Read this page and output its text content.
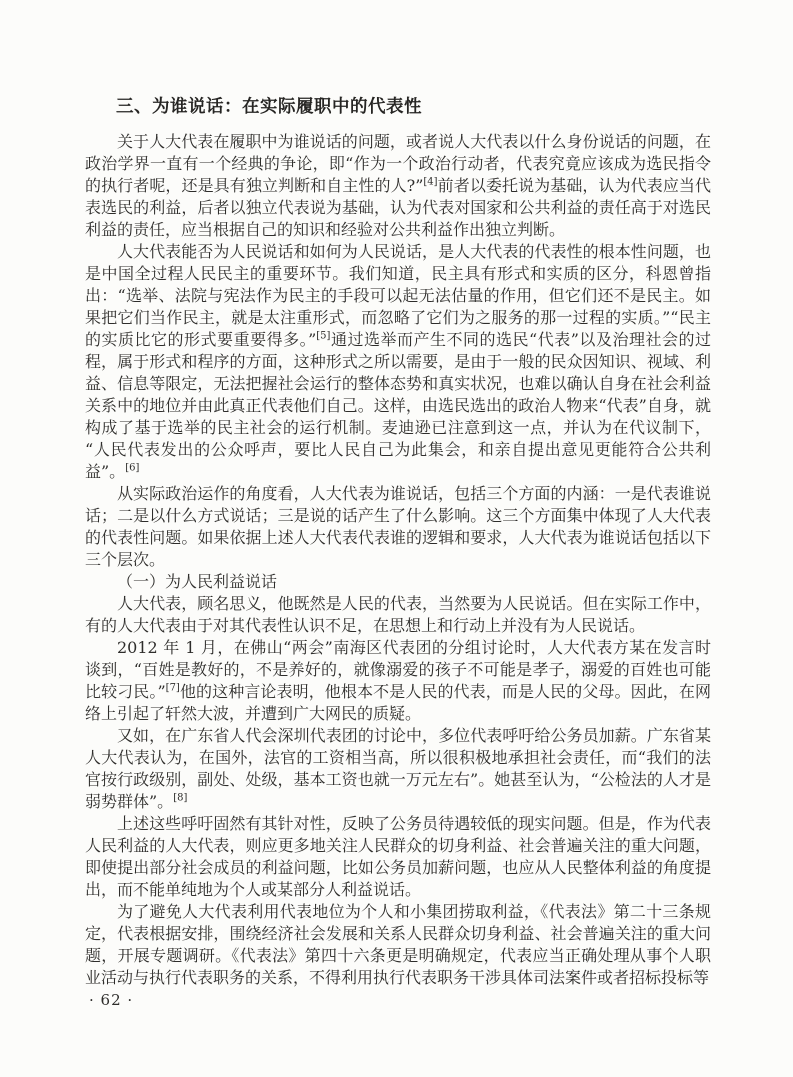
三、为谁说话：在实际履职中的代表性

关于人大代表在履职中为谁说话的问题，或者说人大代表以什么身份说话的问题，在政治学界一直有一个经典的争论，即“作为一个政治行动者，代表究竟应该成为选民指令的执行者呢，还是具有独立判断和自主性的人?”[4]前者以委托说为基础，认为代表应当代表选民的利益，后者以独立代表说为基础，认为代表对国家和公共利益的责任高于对选民利益的责任，应当根据自己的知识和经验对公共利益作出独立判断。

人大代表能否为人民说话和如何为人民说话，是人大代表的代表性的根本性问题，也是中国全过程人民民主的重要环节。我们知道，民主具有形式和实质的区分，科恩曾指出：“选举、法院与宪法作为民主的手段可以起无法估量的作用，但它们还不是民主。如果把它们当作民主，就是太注重形式，而忽略了它们为之服务的那一过程的实质。”“民主的实质比它的形式要重要得多。”[5]通过选举而产生不同的选民“代表”以及治理社会的过程，属于形式和程序的方面，这种形式之所以需要，是由于一般的民众因知识、视域、利益、信息等限定，无法把握社会运行的整体态势和真实状况，也难以确认自身在社会利益关系中的地位并由此真正代表他们自己。这样，由选民选出的政治人物来“代表”自身，就构成了基于选举的民主社会的运行机制。麦迪逊已注意到这一点，并认为在代议制下，“人民代表发出的公众呼声，要比人民自己为此集会，和亲自提出意见更能符合公共利益”。[6]

从实际政治运作的角度看，人大代表为谁说话，包括三个方面的内涵：一是代表谁说话；二是以什么方式说话；三是说的话产生了什么影响。这三个方面集中体现了人大代表的代表性问题。如果依据上述人大代表代表谁的逻辑和要求，人大代表为谁说话包括以下三个层次。

（一）为人民利益说话

人大代表，顾名思义，他既然是人民的代表，当然要为人民说话。但在实际工作中，有的人大代表由于对其代表性认识不足，在思想上和行动上并没有为人民说话。

2012 年 1 月，在佛山“两会”南海区代表团的分组讨论时，人大代表方某在发言时谈到，“百姓是教好的，不是养好的，就像溺爱的孩子不可能是孝子，溺爱的百姓也可能比较刁民。”[7]他的这种言论表明，他根本不是人民的代表，而是人民的父母。因此，在网络上引起了轩然大波，并遭到广大网民的质疑。

又如，在广东省人代会深圳代表团的讨论中，多位代表呼吁给公务员加薪。广东省某人大代表认为，在国外，法官的工资相当高，所以很积极地承担社会责任，而“我们的法官按行政级别，副处、处级，基本工资也就一万元左右”。她甚至认为，“公检法的人才是弱势群体”。[8]

上述这些呼吁固然有其针对性，反映了公务员待遇较低的现实问题。但是，作为代表人民利益的人大代表，则应更多地关注人民群众的切身利益、社会普遍关注的重大问题，即使提出部分社会成员的利益问题，比如公务员加薪问题，也应从人民整体利益的角度提出，而不能单纯地为个人或某部分人利益说话。

为了避免人大代表利用代表地位为个人和小集团捞取利益，《代表法》第二十三条规定，代表根据安排，围绕经济社会发展和关系人民群众切身利益、社会普遍关注的重大问题，开展专题调研。《代表法》第四十六条更是明确规定，代表应当正确处理从事个人职业活动与执行代表职务的关系，不得利用执行代表职务干涉具体司法案件或者招标投标等

· 62 ·
